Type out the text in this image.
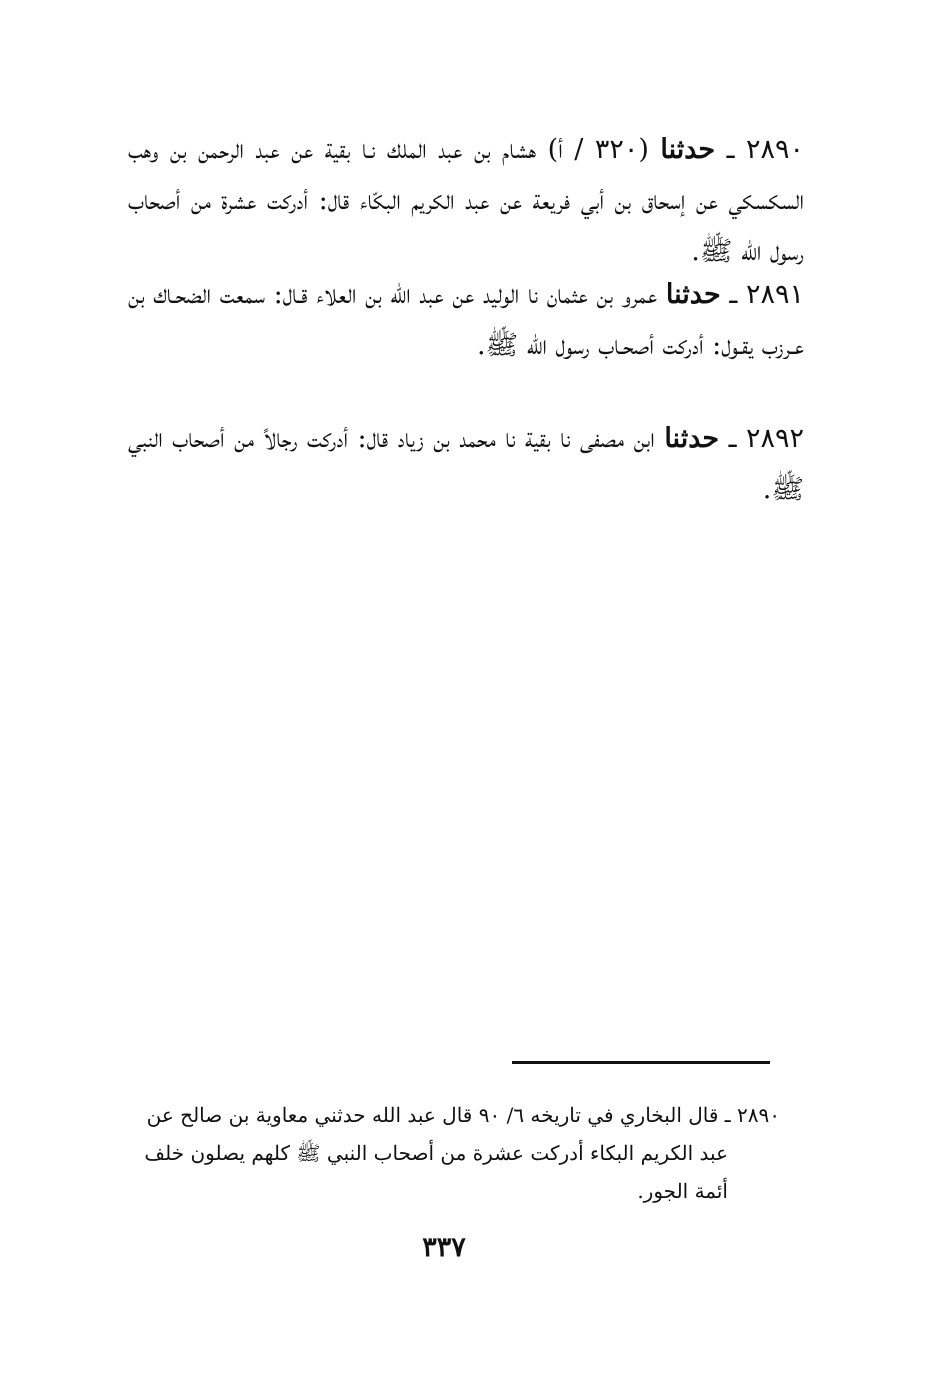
٢٨٩٠ ـ حدثنا (٣٢٠ / أ) هشام بن عبد الملك نـا بقية عن عبد الرحمن بن وهب السكسكي عن إسحاق بن أبي فريعة عن عبد الكريم البكّاء قال: أدركت عشرة من أصحاب رسول الله ﷺ.

٢٨٩١ ـ حدثنا عمرو بن عثمان نا الوليد عن عبد الله بن العلاء قـال: سمعت الضحـاك بن عـرزب يقـول: أدركت أصحـاب رسول الله ﷺ.

٢٨٩٢ ـ حدثنا ابن مصفى نا بقية نا محمد بن زياد قال: أدركت رجالاً من أصحاب النبي ﷺ.

٢٨٩٠ ـ قال البخاري في تاريخه ٦/ ٩٠ قال عبد الله حدثني معاوية بن صالح عن
عبد الكريم البكاء أدركت عشرة من أصحاب النبي ﷺ كلهم يصلون خلف
أئمة الجور.
٣٣٧
